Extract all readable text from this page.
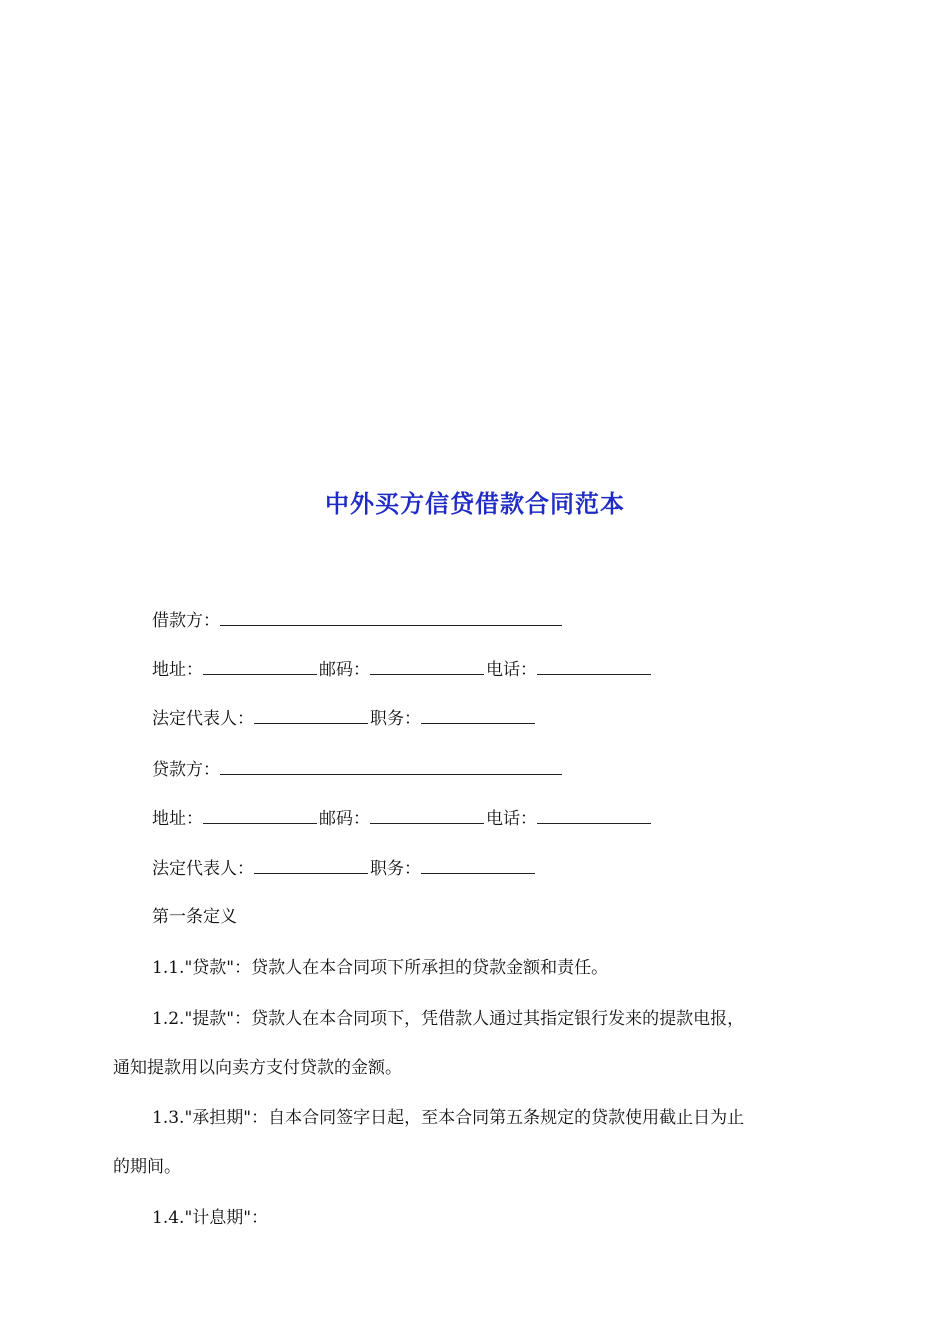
中外买方信贷借款合同范本
借款方：
地址：	邮码：	电话：
法定代表人：	职务：
贷款方：
地址：	邮码：	电话：
法定代表人：	职务：
第一条定义
1.1."贷款"：贷款人在本合同项下所承担的贷款金额和责任。
1.2."提款"：贷款人在本合同项下，凭借款人通过其指定银行发来的提款电报，
通知提款用以向卖方支付贷款的金额。
1.3."承担期"：自本合同签字日起，至本合同第五条规定的贷款使用截止日为止
的期间。
1.4."计息期"：
